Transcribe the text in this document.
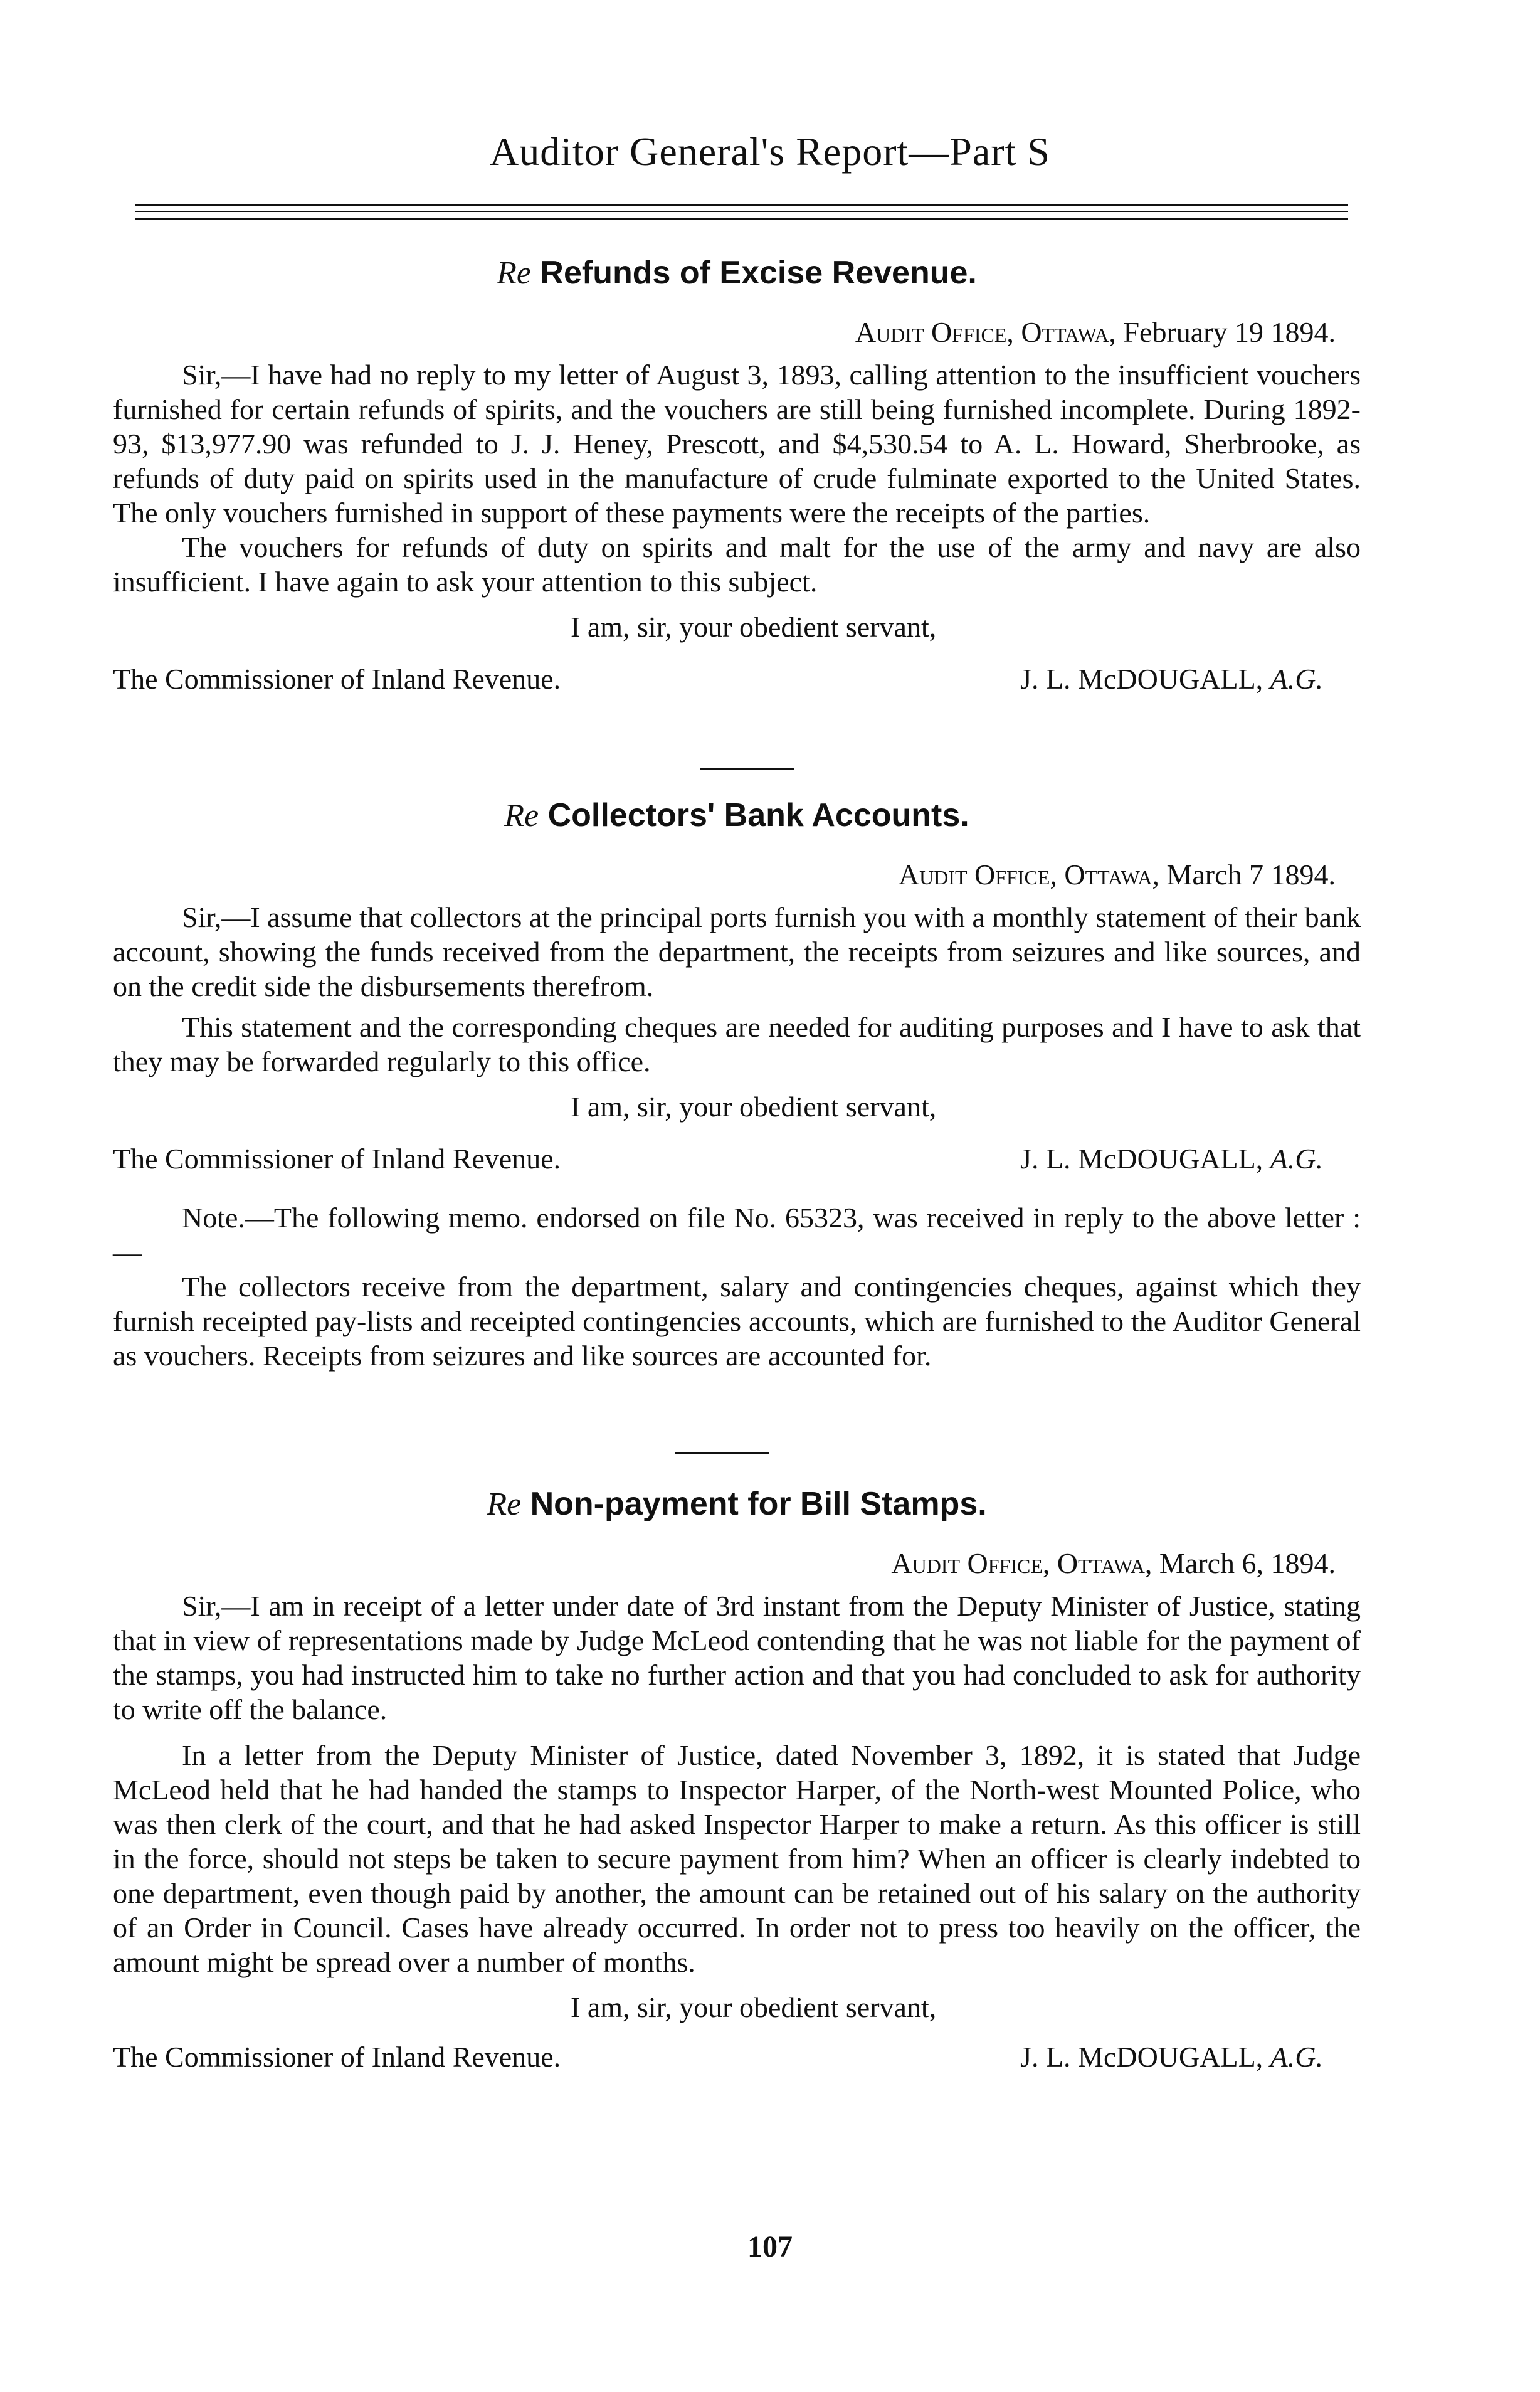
Auditor General's Report—Part S

Re Refunds of Excise Revenue.

Audit Office, Ottawa, February 19 1894.

Sir,—I have had no reply to my letter of August 3, 1893, calling attention to the insufficient vouchers furnished for certain refunds of spirits, and the vouchers are still being furnished incomplete. During 1892-93, $13,977.90 was refunded to J. J. Heney, Prescott, and $4,530.54 to A. L. Howard, Sherbrooke, as refunds of duty paid on spirits used in the manufacture of crude fulminate exported to the United States. The only vouchers furnished in support of these payments were the receipts of the parties.

The vouchers for refunds of duty on spirits and malt for the use of the army and navy are also insufficient. I have again to ask your attention to this subject.

I am, sir, your obedient servant,

The Commissioner of Inland Revenue.	J. L. McDOUGALL, A.G.

Re Collectors' Bank Accounts.

Audit Office, Ottawa, March 7 1894.

Sir,—I assume that collectors at the principal ports furnish you with a monthly statement of their bank account, showing the funds received from the department, the receipts from seizures and like sources, and on the credit side the disbursements therefrom.

This statement and the corresponding cheques are needed for auditing purposes and I have to ask that they may be forwarded regularly to this office.

I am, sir, your obedient servant,

The Commissioner of Inland Revenue.	J. L. McDOUGALL, A.G.

Note.—The following memo. endorsed on file No. 65323, was received in reply to the above letter :—

The collectors receive from the department, salary and contingencies cheques, against which they furnish receipted pay-lists and receipted contingencies accounts, which are furnished to the Auditor General as vouchers. Receipts from seizures and like sources are accounted for.

Re Non-payment for Bill Stamps.

Audit Office, Ottawa, March 6, 1894.

Sir,—I am in receipt of a letter under date of 3rd instant from the Deputy Minister of Justice, stating that in view of representations made by Judge McLeod contending that he was not liable for the payment of the stamps, you had instructed him to take no further action and that you had concluded to ask for authority to write off the balance.

In a letter from the Deputy Minister of Justice, dated November 3, 1892, it is stated that Judge McLeod held that he had handed the stamps to Inspector Harper, of the North-west Mounted Police, who was then clerk of the court, and that he had asked Inspector Harper to make a return. As this officer is still in the force, should not steps be taken to secure payment from him? When an officer is clearly indebted to one department, even though paid by another, the amount can be retained out of his salary on the authority of an Order in Council. Cases have already occurred. In order not to press too heavily on the officer, the amount might be spread over a number of months.

I am, sir, your obedient servant,

The Commissioner of Inland Revenue.	J. L. McDOUGALL, A.G.
107
